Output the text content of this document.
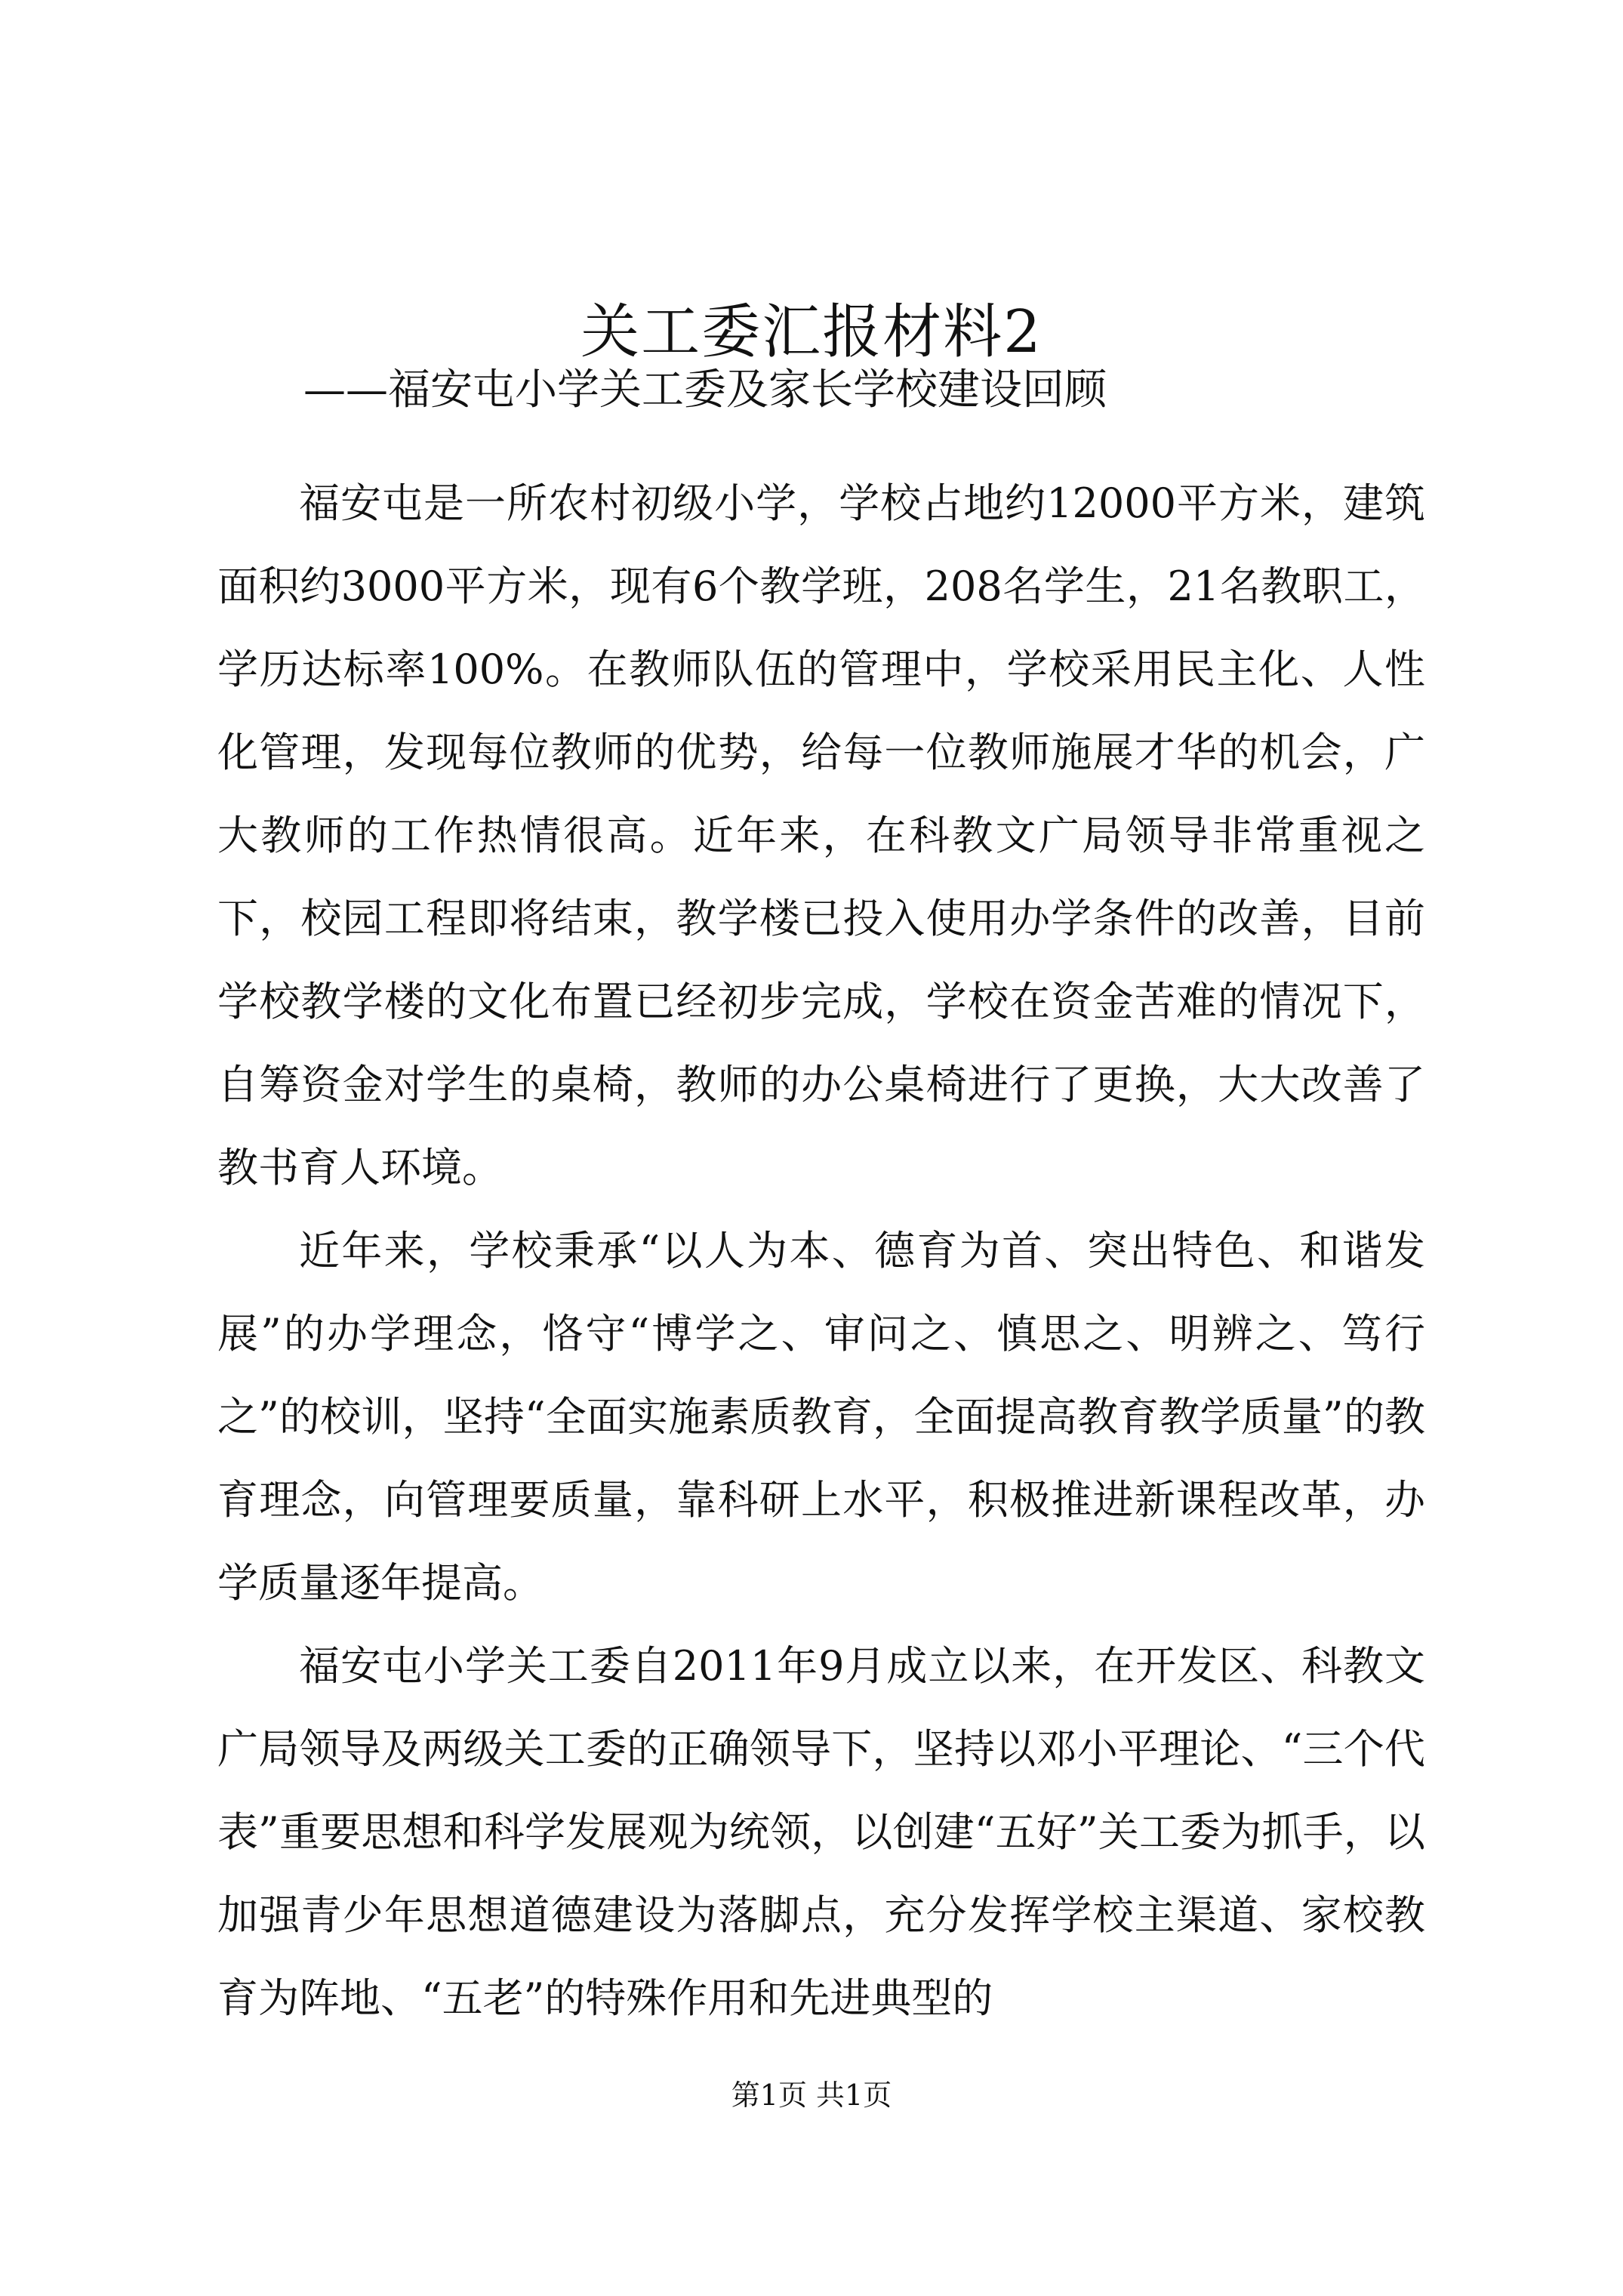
关工委汇报材料2
——福安屯小学关工委及家长学校建设回顾

福安屯是一所农村初级小学，学校占地约12000平方米，建筑面积约3000平方米，现有6个教学班，208名学生，21名教职工，学历达标率100%。在教师队伍的管理中，学校采用民主化、人性化管理，发现每位教师的优势，给每一位教师施展才华的机会，广大教师的工作热情很高。近年来，在科教文广局领导非常重视之下，校园工程即将结束，教学楼已投入使用办学条件的改善，目前学校教学楼的文化布置已经初步完成，学校在资金苦难的情况下，自筹资金对学生的桌椅，教师的办公桌椅进行了更换，大大改善了教书育人环境。

近年来，学校秉承“以人为本、德育为首、突出特色、和谐发展”的办学理念，恪守“博学之、审问之、慎思之、明辨之、笃行之”的校训，坚持“全面实施素质教育，全面提高教育教学质量”的教育理念，向管理要质量，靠科研上水平，积极推进新课程改革，办学质量逐年提高。

福安屯小学关工委自2011年9月成立以来，在开发区、科教文广局领导及两级关工委的正确领导下，坚持以邓小平理论、“三个代表”重要思想和科学发展观为统领，以创建“五好”关工委为抓手，以加强青少年思想道德建设为落脚点，充分发挥学校主渠道、家校教育为阵地、“五老”的特殊作用和先进典型的

第1页 共1页
